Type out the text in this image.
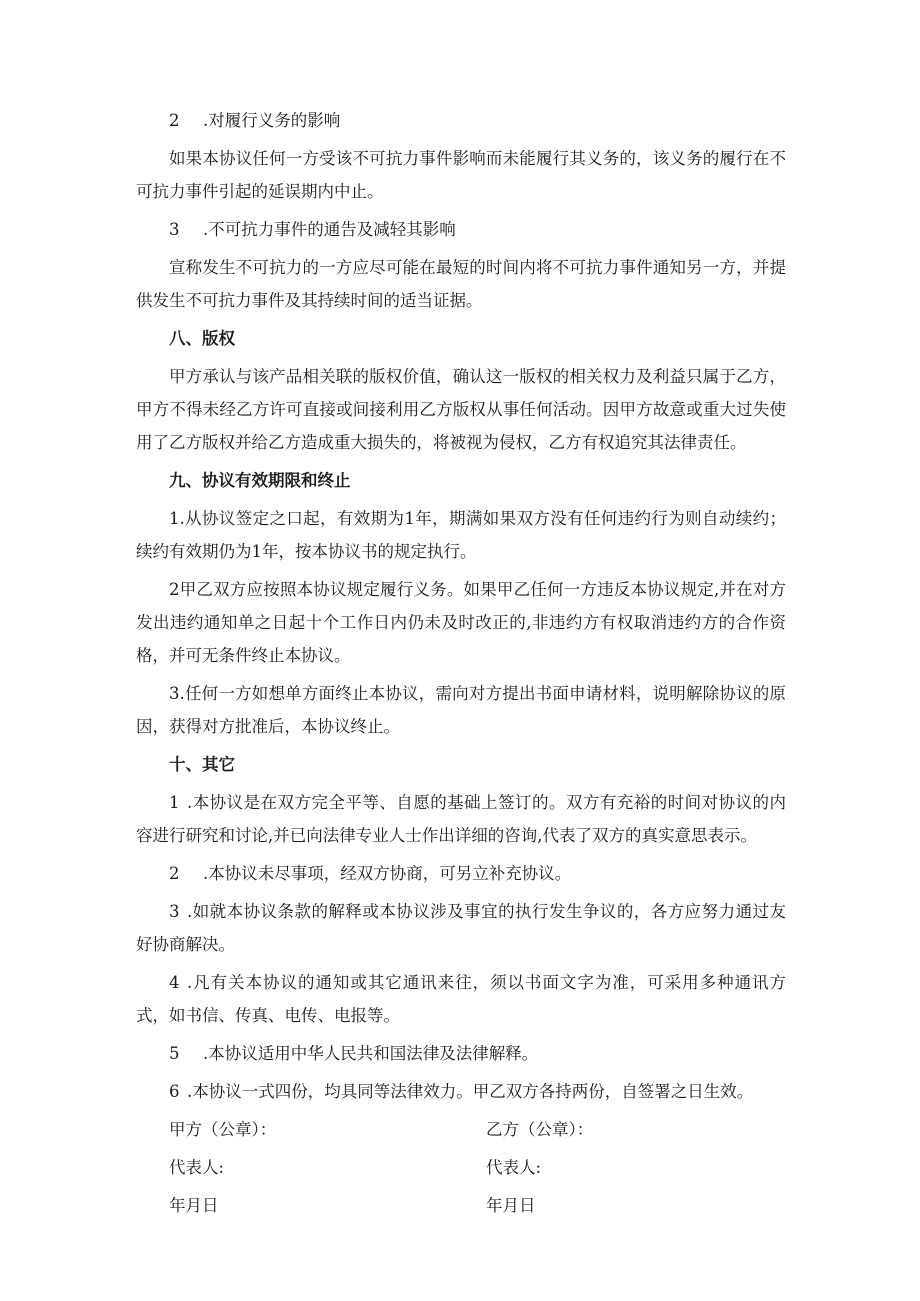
2 .对履行义务的影响
如果本协议任何一方受该不可抗力事件影响而未能履行其义务的，该义务的履行在不可抗力事件引起的延误期内中止。
3 .不可抗力事件的通告及减轻其影响
宣称发生不可抗力的一方应尽可能在最短的时间内将不可抗力事件通知另一方，并提供发生不可抗力事件及其持续时间的适当证据。
八、版权
甲方承认与该产品相关联的版权价值，确认这一版权的相关权力及利益只属于乙方，甲方不得未经乙方许可直接或间接利用乙方版权从事任何活动。因甲方故意或重大过失使用了乙方版权并给乙方造成重大损失的，将被视为侵权，乙方有权追究其法律责任。
九、协议有效期限和终止
1.从协议签定之口起，有效期为1年，期满如果双方没有任何违约行为则自动续约；续约有效期仍为1年，按本协议书的规定执行。
2甲乙双方应按照本协议规定履行义务。如果甲乙任何一方违反本协议规定,并在对方发出违约通知单之日起十个工作日内仍未及时改正的,非违约方有权取消违约方的合作资格，并可无条件终止本协议。
3.任何一方如想单方面终止本协议，需向对方提出书面申请材料，说明解除协议的原因，获得对方批准后，本协议终止。
十、其它
1 .本协议是在双方完全平等、自愿的基础上签订的。双方有充裕的时间对协议的内容进行研究和讨论,并已向法律专业人士作出详细的咨询,代表了双方的真实意思表示。
2 .本协议未尽事项，经双方协商，可另立补充协议。
3 .如就本协议条款的解释或本协议涉及事宜的执行发生争议的，各方应努力通过友好协商解决。
4 .凡有关本协议的通知或其它通讯来往，须以书面文字为准，可采用多种通讯方式，如书信、传真、电传、电报等。
5 .本协议适用中华人民共和国法律及法律解释。
6 .本协议一式四份，均具同等法律效力。甲乙双方各持两份，自签署之日生效。
甲方（公章）：	乙方（公章）：
代表人:	代表人:
年月日	年月日
